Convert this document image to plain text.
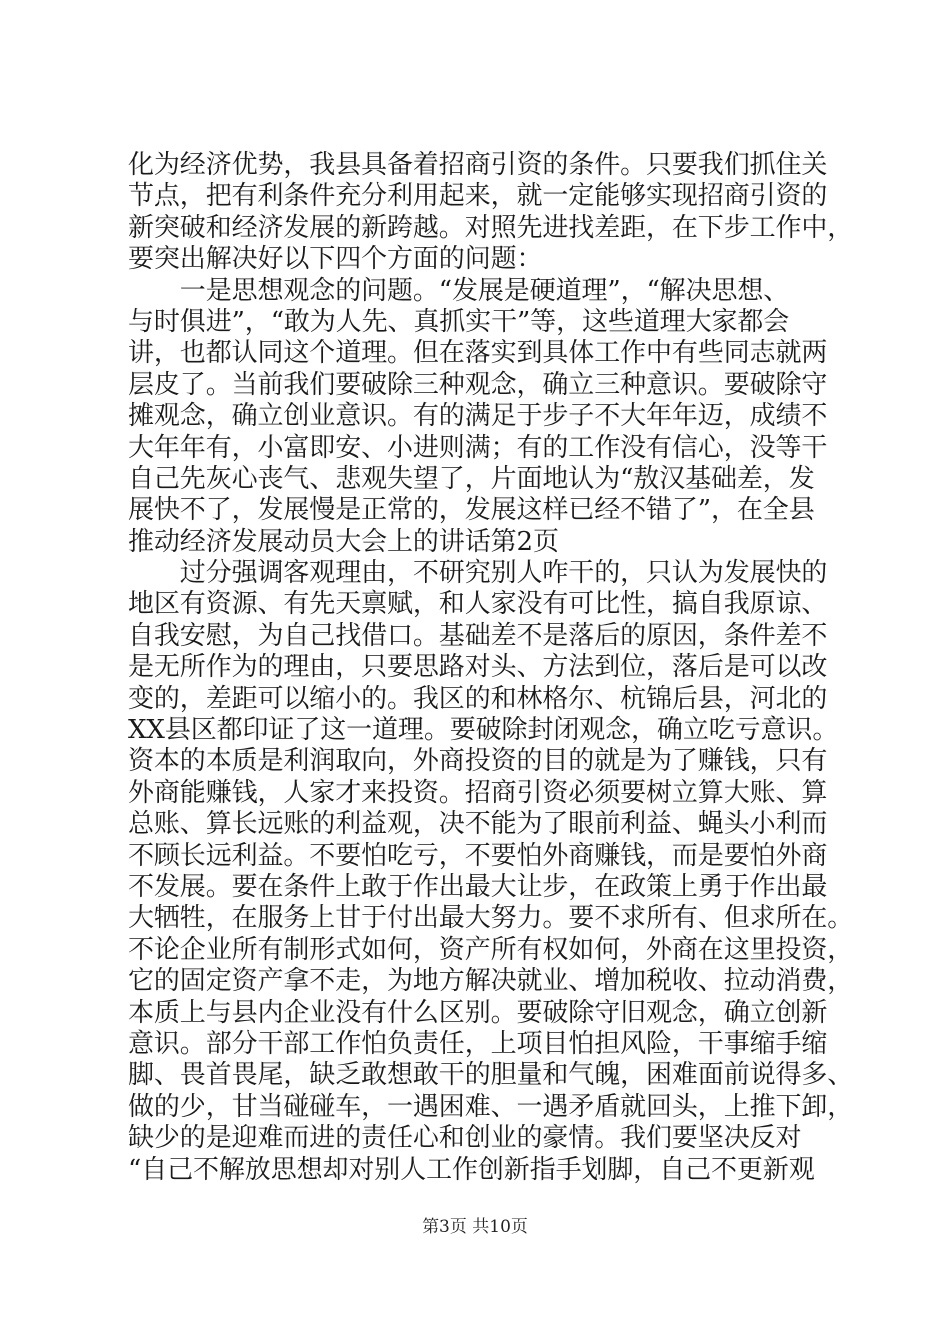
化为经济优势，我县具备着招商引资的条件。只要我们抓住关
节点，把有利条件充分利用起来，就一定能够实现招商引资的
新突破和经济发展的新跨越。对照先进找差距，在下步工作中，
要突出解决好以下四个方面的问题：
　　一是思想观念的问题。“发展是硬道理”，“解决思想、
与时俱进”，“敢为人先、真抓实干”等，这些道理大家都会
讲，也都认同这个道理。但在落实到具体工作中有些同志就两
层皮了。当前我们要破除三种观念，确立三种意识。要破除守
摊观念，确立创业意识。有的满足于步子不大年年迈，成绩不
大年年有，小富即安、小进则满；有的工作没有信心，没等干
自己先灰心丧气、悲观失望了，片面地认为“敖汉基础差，发
展快不了，发展慢是正常的，发展这样已经不错了”，在全县
推动经济发展动员大会上的讲话第2页
　　过分强调客观理由，不研究别人咋干的，只认为发展快的
地区有资源、有先天禀赋，和人家没有可比性，搞自我原谅、
自我安慰，为自己找借口。基础差不是落后的原因，条件差不
是无所作为的理由，只要思路对头、方法到位，落后是可以改
变的，差距可以缩小的。我区的和林格尔、杭锦后县，河北的
XX县区都印证了这一道理。要破除封闭观念，确立吃亏意识。
资本的本质是利润取向，外商投资的目的就是为了赚钱，只有
外商能赚钱，人家才来投资。招商引资必须要树立算大账、算
总账、算长远账的利益观，决不能为了眼前利益、蝇头小利而
不顾长远利益。不要怕吃亏，不要怕外商赚钱，而是要怕外商
不发展。要在条件上敢于作出最大让步，在政策上勇于作出最
大牺牲，在服务上甘于付出最大努力。要不求所有、但求所在。
不论企业所有制形式如何，资产所有权如何，外商在这里投资，
它的固定资产拿不走，为地方解决就业、增加税收、拉动消费，
本质上与县内企业没有什么区别。要破除守旧观念，确立创新
意识。部分干部工作怕负责任，上项目怕担风险，干事缩手缩
脚、畏首畏尾，缺乏敢想敢干的胆量和气魄，困难面前说得多、
做的少，甘当碰碰车，一遇困难、一遇矛盾就回头，上推下卸，
缺少的是迎难而进的责任心和创业的豪情。我们要坚决反对
“自己不解放思想却对别人工作创新指手划脚，自己不更新观
第3页 共10页
